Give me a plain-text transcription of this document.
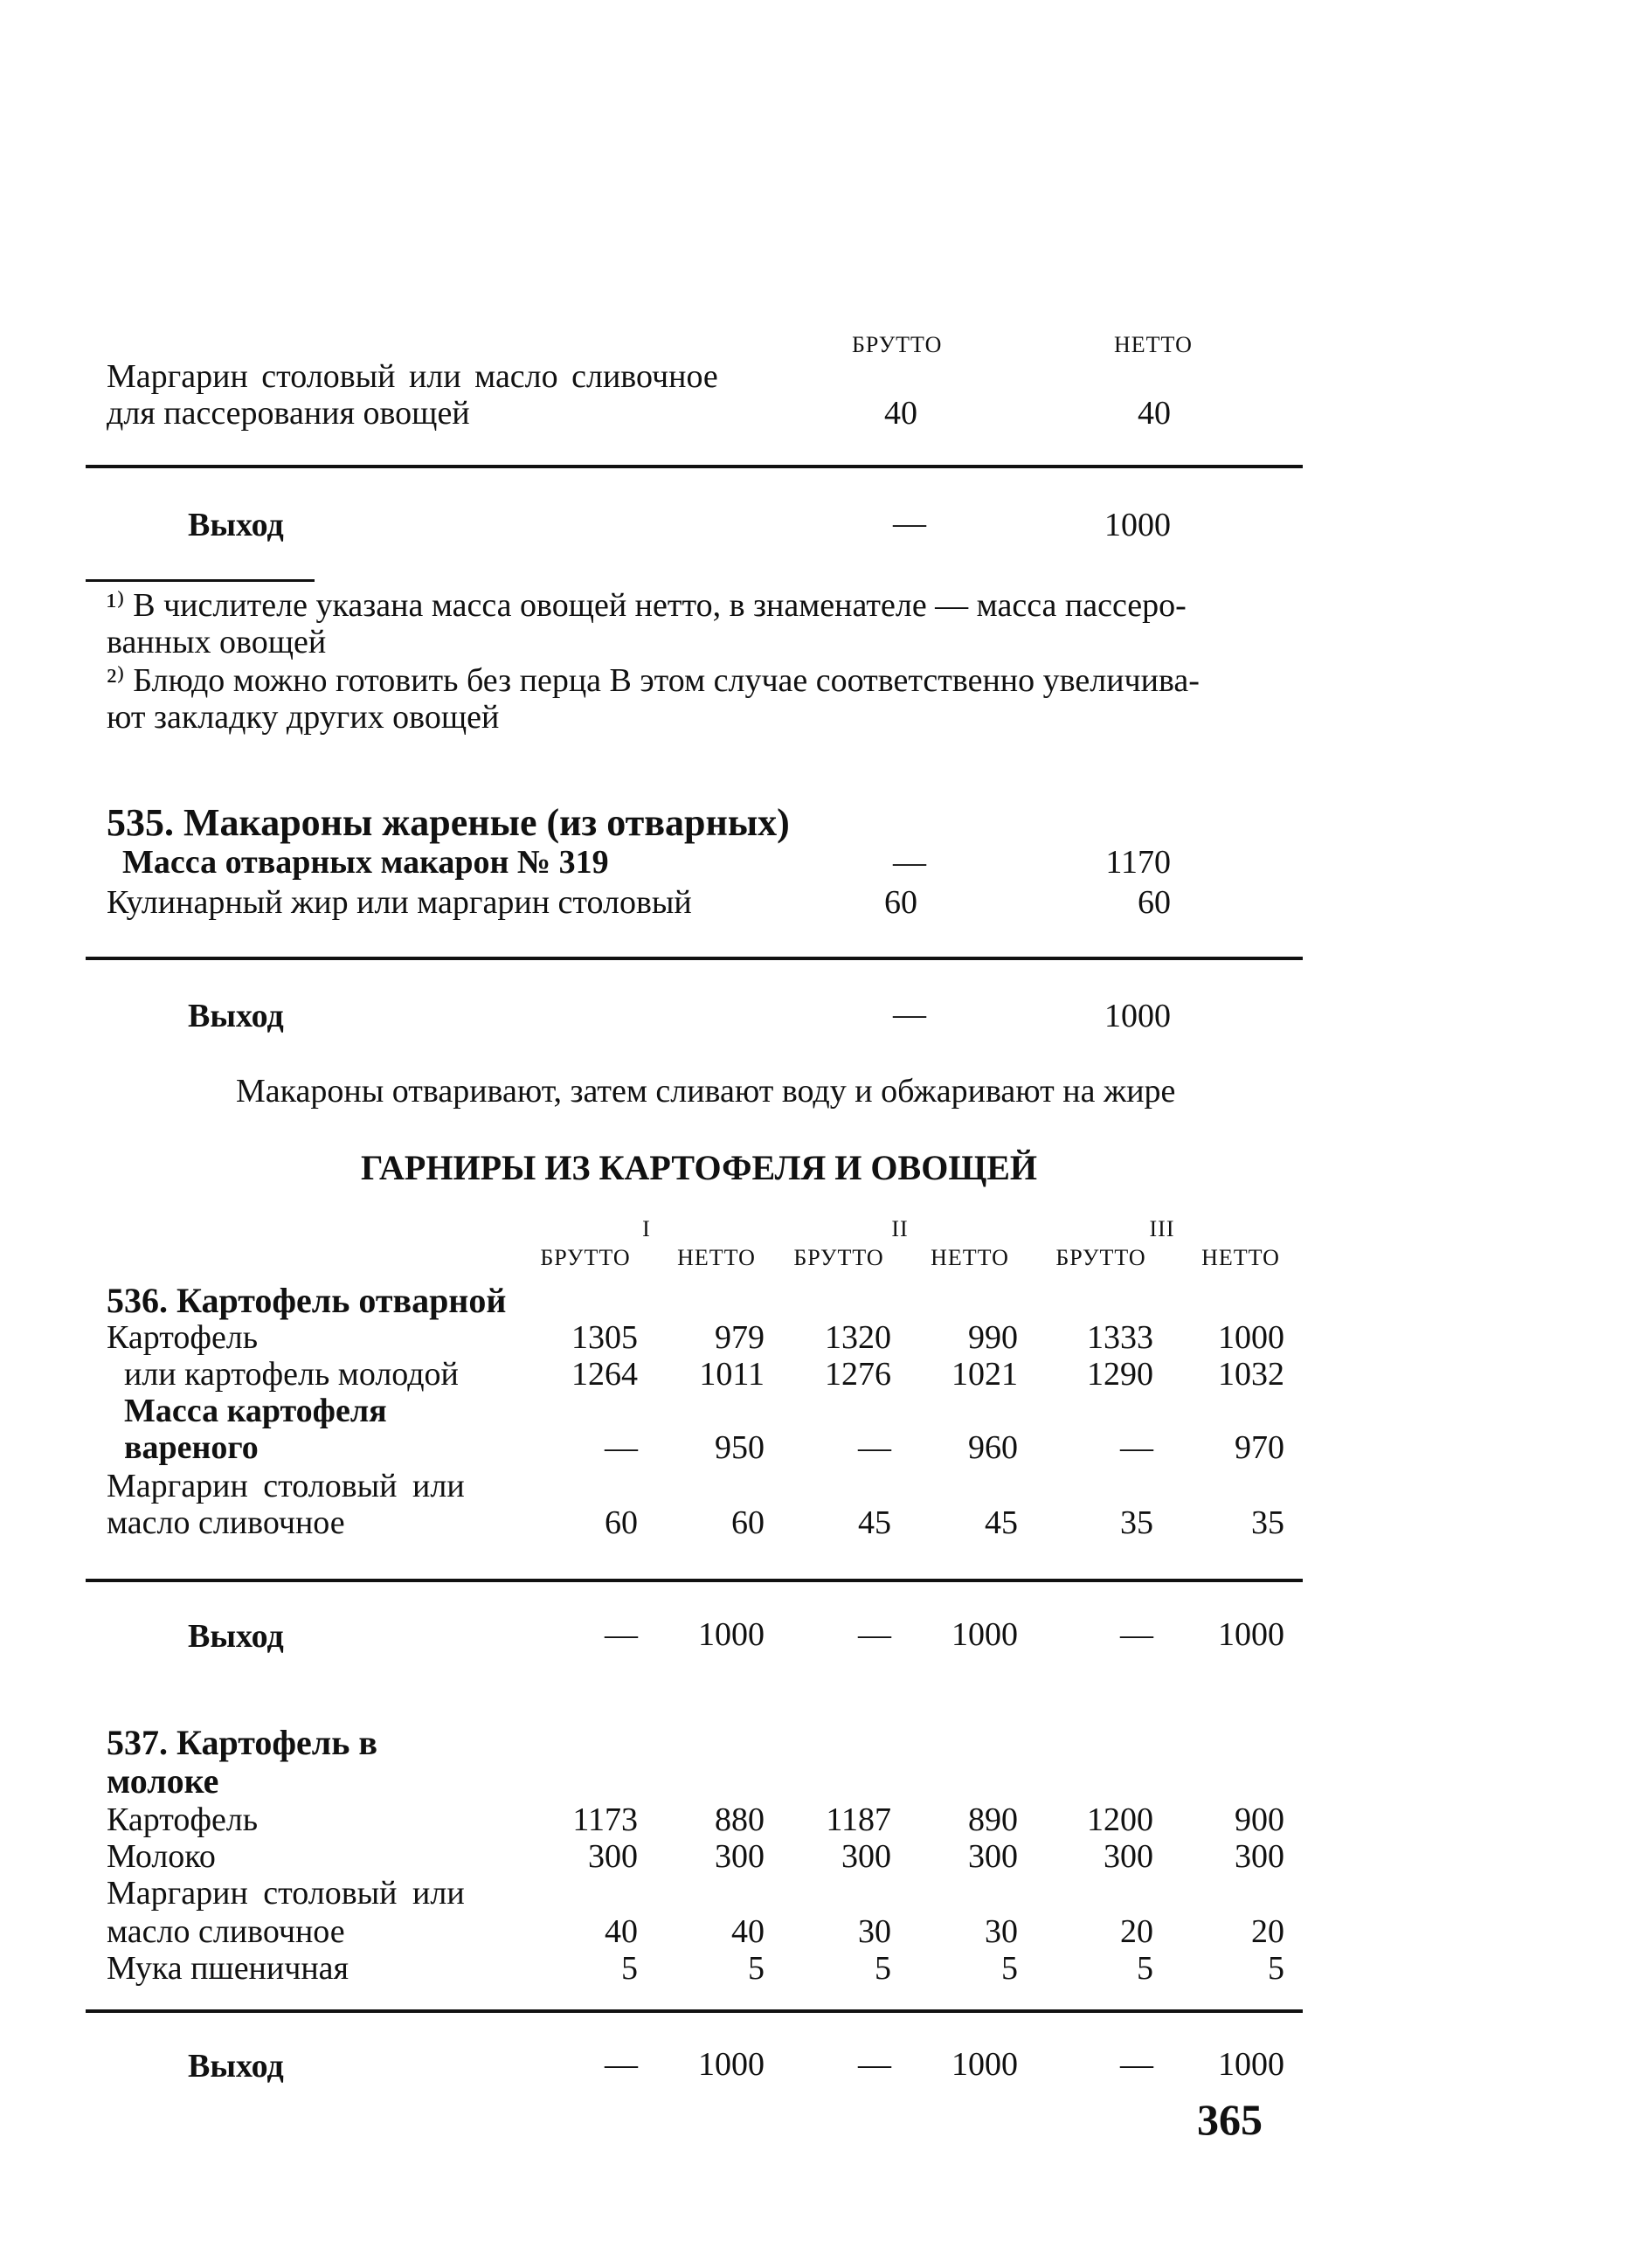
БРУТТО	НЕТТО
Маргарин столовый или масло сливочное
для пассерования овощей	40	40
Выход	—	1000
¹⁾ В числителе указана масса овощей нетто, в знаменателе — масса пассеро-
ванных овощей
²⁾ Блюдо можно готовить без перца В этом случае соответственно увеличива-
ют закладку других овощей
535. Макароны жареные (из отварных)
Масса отварных макарон № 319	—	1170
Кулинарный жир или маргарин столовый	60	60
Выход	—	1000
Макароны отваривают, затем сливают воду и обжаривают на жире
ГАРНИРЫ ИЗ КАРТОФЕЛЯ И ОВОЩЕЙ
I	II	III
БРУТТО	НЕТТО	БРУТТО	НЕТТО	БРУТТО	НЕТТО
536. Картофель отварной
Картофель	1305	979	1320	990	1333	1000
или картофель молодой	1264	1011	1276	1021	1290	1032
Масса картофеля
вареного	—	950	—	960	—	970
Маргарин столовый или
масло сливочное	60	60	45	45	35	35
Выход	—	1000	—	1000	—	1000
537. Картофель в
молоке
Картофель	1173	880	1187	890	1200	900
Молоко	300	300	300	300	300	300
Маргарин столовый или
масло сливочное	40	40	30	30	20	20
Мука пшеничная	5	5	5	5	5	5
Выход	—	1000	—	1000	—	1000
365
